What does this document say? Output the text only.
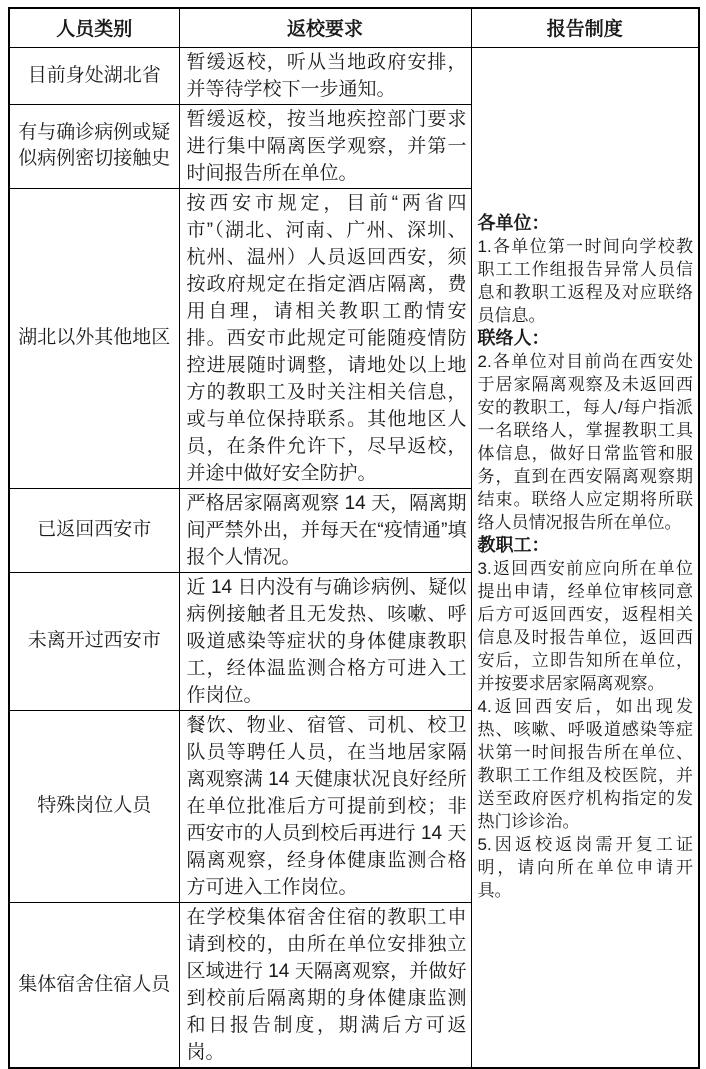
人员类别	返校要求	报告制度
目前身处湖北省	暂缓返校，听从当地政府安排，并等待学校下一步通知。	
各单位：
1.各单位第一时间向学校教职工工作组报告异常人员信息和教职工返程及对应联络员信息。
联络人：
2.各单位对目前尚在西安处于居家隔离观察及未返回西安的教职工，每人/每户指派一名联络人，掌握教职工具体信息，做好日常监管和服务，直到在西安隔离观察期结束。联络人应定期将所联络人员情况报告所在单位。
教职工：
3.返回西安前应向所在单位提出申请，经单位审核同意后方可返回西安，返程相关信息及时报告单位，返回西安后，立即告知所在单位，并按要求居家隔离观察。
4.返回西安后，如出现发热、咳嗽、呼吸道感染等症状第一时间报告所在单位、教职工工作组及校医院，并送至政府医疗机构指定的发热门诊诊治。
5.因返校返岗需开复工证明，请向所在单位申请开具。

有与确诊病例或疑似病例密切接触史	暂缓返校，按当地疾控部门要求进行集中隔离医学观察，并第一时间报告所在单位。	
湖北以外其他地区	按西安市规定，目前“两省四市”（湖北、河南、广州、深圳、杭州、温州）人员返回西安，须按政府规定在指定酒店隔离，费用自理，请相关教职工酌情安排。西安市此规定可能随疫情防控进展随时调整，请地处以上地方的教职工及时关注相关信息，或与单位保持联系。其他地区人员，在条件允许下，尽早返校，并途中做好安全防护。	
已返回西安市	严格居家隔离观察 14 天，隔离期间严禁外出，并每天在“疫情通”填报个人情况。	
未离开过西安市	近 14 日内没有与确诊病例、疑似病例接触者且无发热、咳嗽、呼吸道感染等症状的身体健康教职工，经体温监测合格方可进入工作岗位。	
特殊岗位人员	餐饮、物业、宿管、司机、校卫队员等聘任人员，在当地居家隔离观察满 14 天健康状况良好经所在单位批准后方可提前到校；非西安市的人员到校后再进行 14 天隔离观察，经身体健康监测合格方可进入工作岗位。	
集体宿舍住宿人员	在学校集体宿舍住宿的教职工申请到校的，由所在单位安排独立区域进行 14 天隔离观察，并做好到校前后隔离期的身体健康监测和日报告制度，期满后方可返岗。	
